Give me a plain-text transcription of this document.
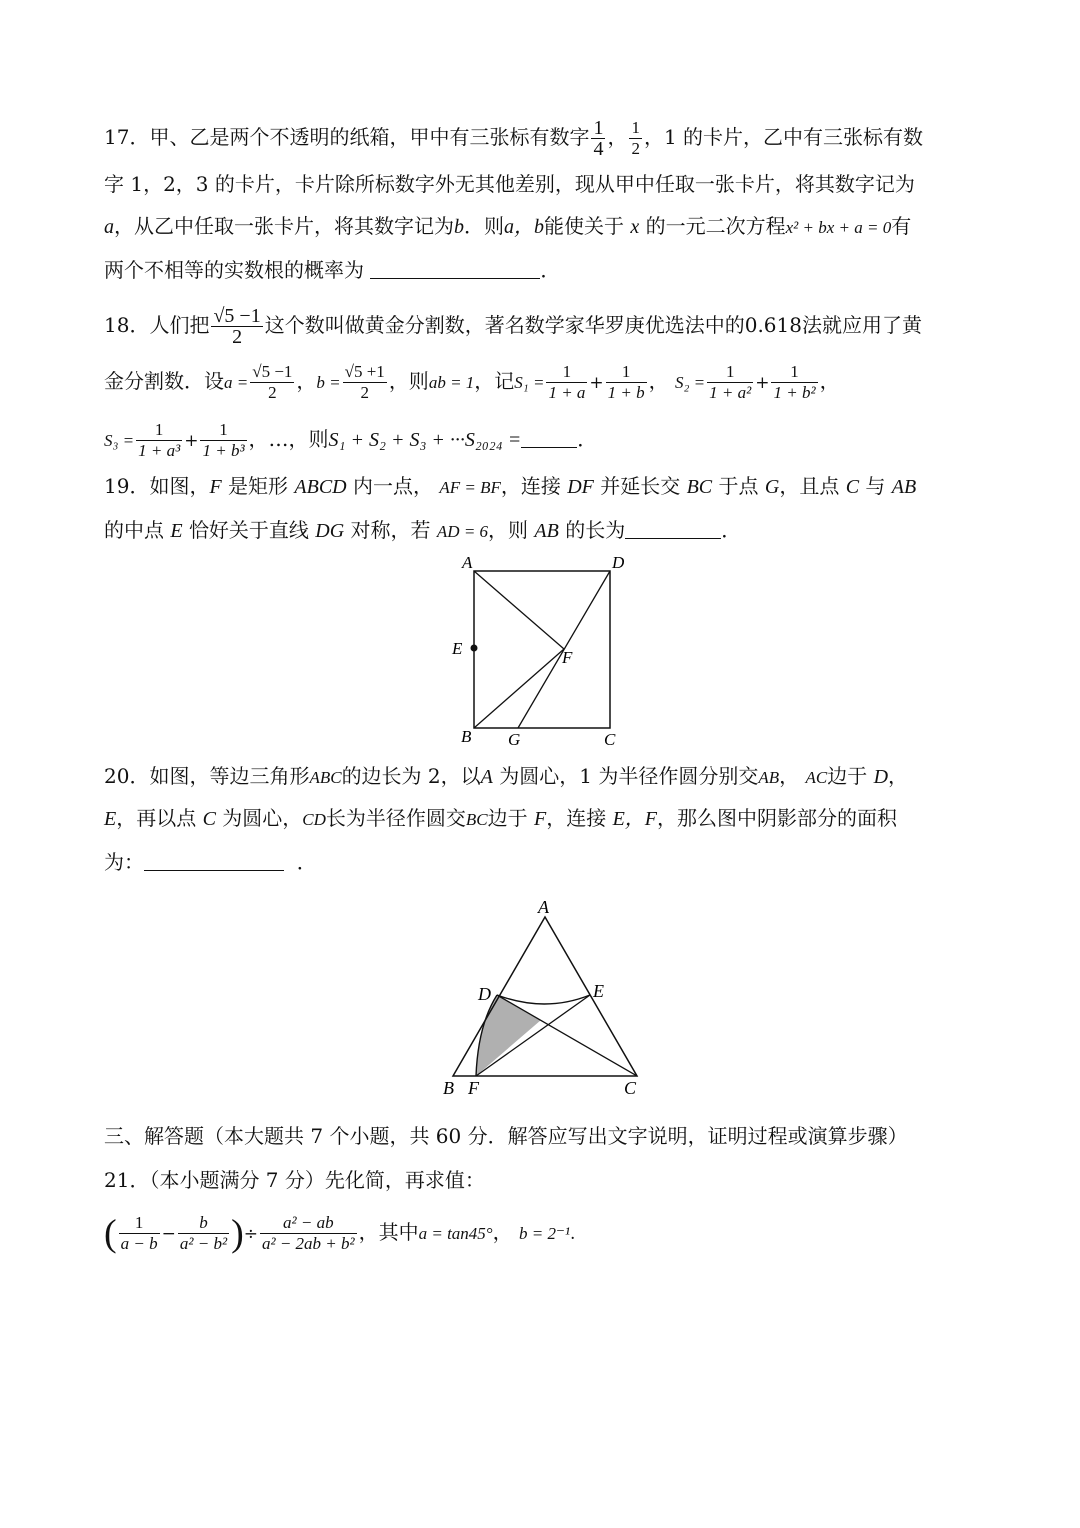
17．甲、乙是两个不透明的纸箱，甲中有三张标有数字 $\frac{1}{4}$ ， $\frac{1}{2}$ ，1 的卡片，乙中有三张标有数
字 1，2，3 的卡片，卡片除所标数字外无其他差别，现从甲中任取一张卡片，将其数字记为
a，从乙中任取一张卡片，将其数字记为b．则a，b能使关于 x 的一元二次方程x² + bx + a = 0有
两个不相等的实数根的概率为	．
18．人们把 $\frac{√5 -1}{2}$ 这个数叫做黄金分割数，著名数学家华罗庚优选法中的0.618法就应用了黄
金分割数．设$a = \frac{√5 -1}{2}$ ，$b = \frac{√5 +1}{2}$ ，则ab = 1，记$S_1 = \frac{1}{1 + a} + \frac{1}{1 + b}$ ， $S_2 = \frac{1}{\text{1 + a²}} + \frac{1}{\text{1 + b²}}$ ，
$S_3 = \frac{1}{\text{1 + a³}} + \frac{1}{\text{1 + b³}}$ ，…，则S₁ + S₂ + S₃ + ···S₂₀₂₄ =	．
19．如图，F 是矩形 ABCD 内一点， AF = BF，连接 DF 并延长交 BC 于点 G，且点 C 与 AB
的中点 E 恰好关于直线 DG 对称，若 AD = 6，则 AB 的长为	．
A	D
E	F
B G	C
20．如图，等边三角形ABC的边长为 2，以A 为圆心，1 为半径作圆分别交AB， AC边于 D，
E，再以点 C 为圆心，CD长为半径作圆交BC边于 F，连接 E，F，那么图中阴影部分的面积
为：	．
A
D	E
B F	C
三、解答题（本大题共 7 个小题，共 60 分．解答应写出文字说明，证明过程或演算步骤）
21．（本小题满分 7 分）先化简，再求值：
( $\frac{1}{a - b} - \frac{b}{\text{a² − b²}}$ )÷ $\frac{\text{a² − ab}}{\text{a² − 2ab + b²}}$ ，其中a = tan45°， b = 2⁻¹.
